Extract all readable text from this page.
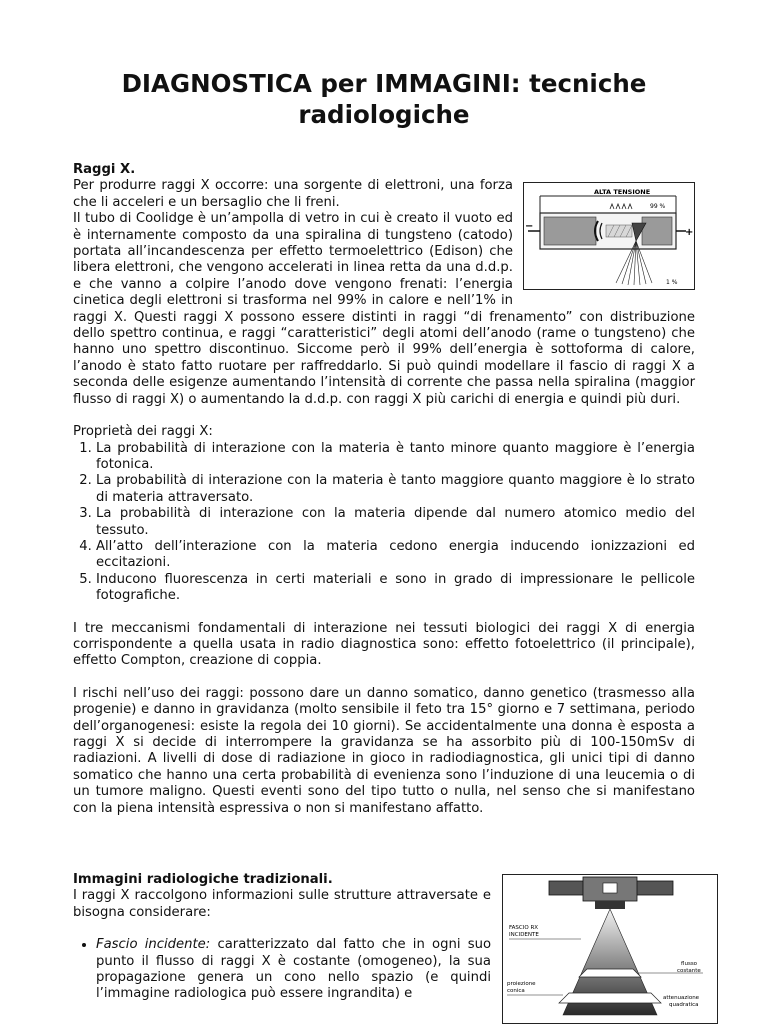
DIAGNOSTICA per IMMAGINI: tecniche radiologiche
ALTA TENSIONE
99 %
−
+
1 %

Raggi X.

Per produrre raggi X occorre: una sorgente di elettroni, una forza che li acceleri e un bersaglio che li freni.

Il tubo di Coolidge è un’ampolla di vetro in cui è creato il vuoto ed è internamente composto da una spiralina di tungsteno (catodo) portata all’incandescenza per effetto termoelettrico (Edison) che libera elettroni, che vengono accelerati in linea retta da una d.d.p. e che vanno a colpire l’anodo dove vengono frenati: l’energia cinetica degli elettroni si trasforma nel 99% in calore e nell’1% in raggi X. Questi raggi X possono essere distinti in raggi “di frenamento” con distribuzione dello spettro continua, e raggi “caratteristici” degli atomi dell’anodo (rame o tungsteno) che hanno uno spettro discontinuo. Siccome però il 99% dell’energia è sottoforma di calore, l’anodo è stato fatto ruotare per raffreddarlo. Si può quindi modellare il fascio di raggi X a seconda delle esigenze aumentando l’intensità di corrente che passa nella spiralina (maggior flusso di raggi X) o aumentando la d.d.p. con raggi X più carichi di energia e quindi più duri.

Proprietà dei raggi X:

1. La probabilità di interazione con la materia è tanto minore quanto maggiore è l’energia fotonica.
2. La probabilità di interazione con la materia è tanto maggiore quanto maggiore è lo strato di materia attraversato.
3. La probabilità di interazione con la materia dipende dal numero atomico medio del tessuto.
4. All’atto dell’interazione con la materia cedono energia inducendo ionizzazioni ed eccitazioni.
5. Inducono fluorescenza in certi materiali e sono in grado di impressionare le pellicole fotografiche.

I tre meccanismi fondamentali di interazione nei tessuti biologici dei raggi X di energia corrispondente a quella usata in radio diagnostica sono: effetto fotoelettrico (il principale), effetto Compton, creazione di coppia.

I rischi nell’uso dei raggi: possono dare un danno somatico, danno genetico (trasmesso alla progenie) e danno in gravidanza (molto sensibile il feto tra 15° giorno e 7 settimana, periodo dell’organogenesi: esiste la regola dei 10 giorni). Se accidentalmente una donna è esposta a raggi X si decide di interrompere la gravidanza se ha assorbito più di 100-150mSv di radiazioni. A livelli di dose di radiazione in gioco in radiodiagnostica, gli unici tipi di danno somatico che hanno una certa probabilità di evenienza sono l’induzione di una leucemia o di un tumore maligno. Questi eventi sono del tipo tutto o nulla, nel senso che si manifestano con la piena intensità espressiva o non si manifestano affatto.

Immagini radiologiche tradizionali.

I raggi X raccolgono informazioni sulle strutture attraversate e bisogna considerare:

• Fascio incidente: caratterizzato dal fatto che in ogni suo punto il flusso di raggi X è costante (omogeneo), la sua propagazione genera un cono nello spazio (e quindi l’immagine radiologica può essere ingrandita) e
FASCIO RX
INCIDENTE
proiezione
conica
flusso
costante
attenuazione
quadratica
